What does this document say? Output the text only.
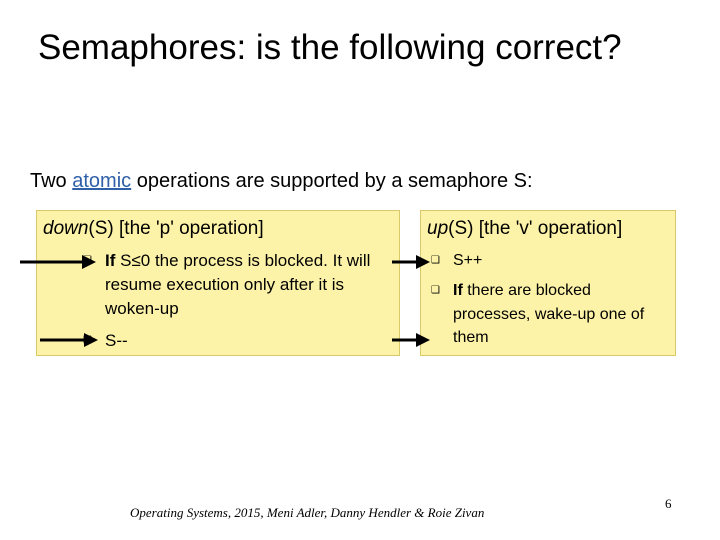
Semaphores: is the following correct?
Two atomic operations are supported by a semaphore S:
down(S) [the 'p' operation]
If S≤0 the process is blocked. It will resume execution only after it is woken-up
S--
up(S) [the 'v' operation]
❑ S++
❑ If there are blocked processes, wake-up one of them
Operating Systems, 2015, Meni Adler, Danny Hendler & Roie Zivan
6
